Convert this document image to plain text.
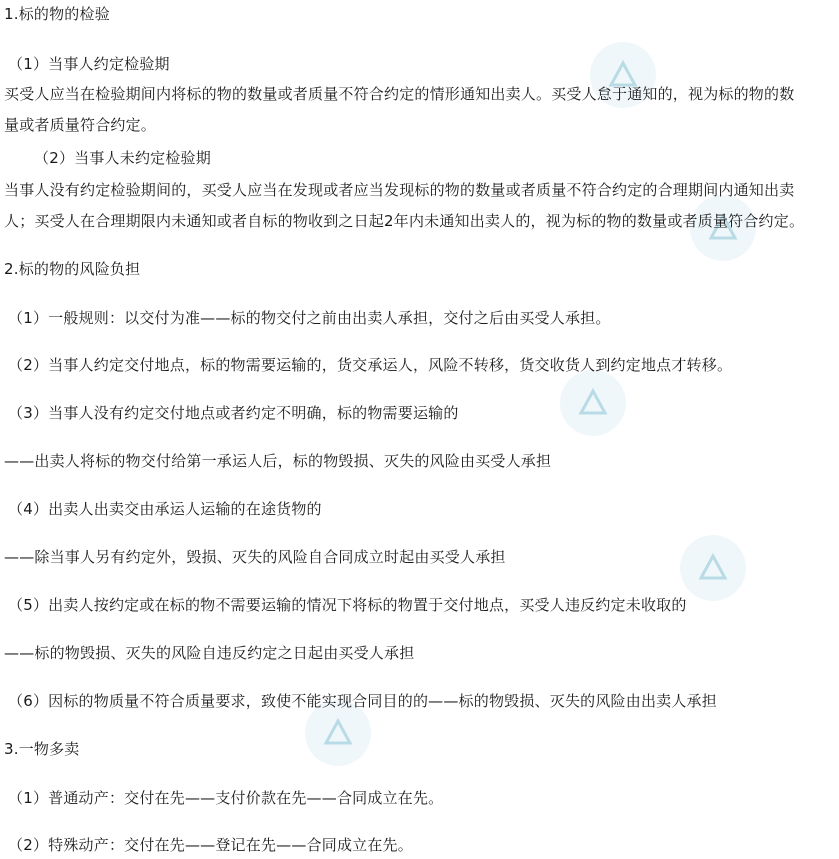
1.标的物的检验
（1）当事人约定检验期
买受人应当在检验期间内将标的物的数量或者质量不符合约定的情形通知出卖人。买受人怠于通知的，视为标的物的数
量或者质量符合约定。
（2）当事人未约定检验期
当事人没有约定检验期间的，买受人应当在发现或者应当发现标的物的数量或者质量不符合约定的合理期间内通知出卖
人；买受人在合理期限内未通知或者自标的物收到之日起2年内未通知出卖人的，视为标的物的数量或者质量符合约定。
2.标的物的风险负担
（1）一般规则：以交付为准——标的物交付之前由出卖人承担，交付之后由买受人承担。
（2）当事人约定交付地点，标的物需要运输的，货交承运人，风险不转移，货交收货人到约定地点才转移。
（3）当事人没有约定交付地点或者约定不明确，标的物需要运输的
——出卖人将标的物交付给第一承运人后，标的物毁损、灭失的风险由买受人承担
（4）出卖人出卖交由承运人运输的在途货物的
——除当事人另有约定外，毁损、灭失的风险自合同成立时起由买受人承担
（5）出卖人按约定或在标的物不需要运输的情况下将标的物置于交付地点，买受人违反约定未收取的
——标的物毁损、灭失的风险自违反约定之日起由买受人承担
（6）因标的物质量不符合质量要求，致使不能实现合同目的的——标的物毁损、灭失的风险由出卖人承担
3.一物多卖
（1）普通动产：交付在先——支付价款在先——合同成立在先。
（2）特殊动产：交付在先——登记在先——合同成立在先。
